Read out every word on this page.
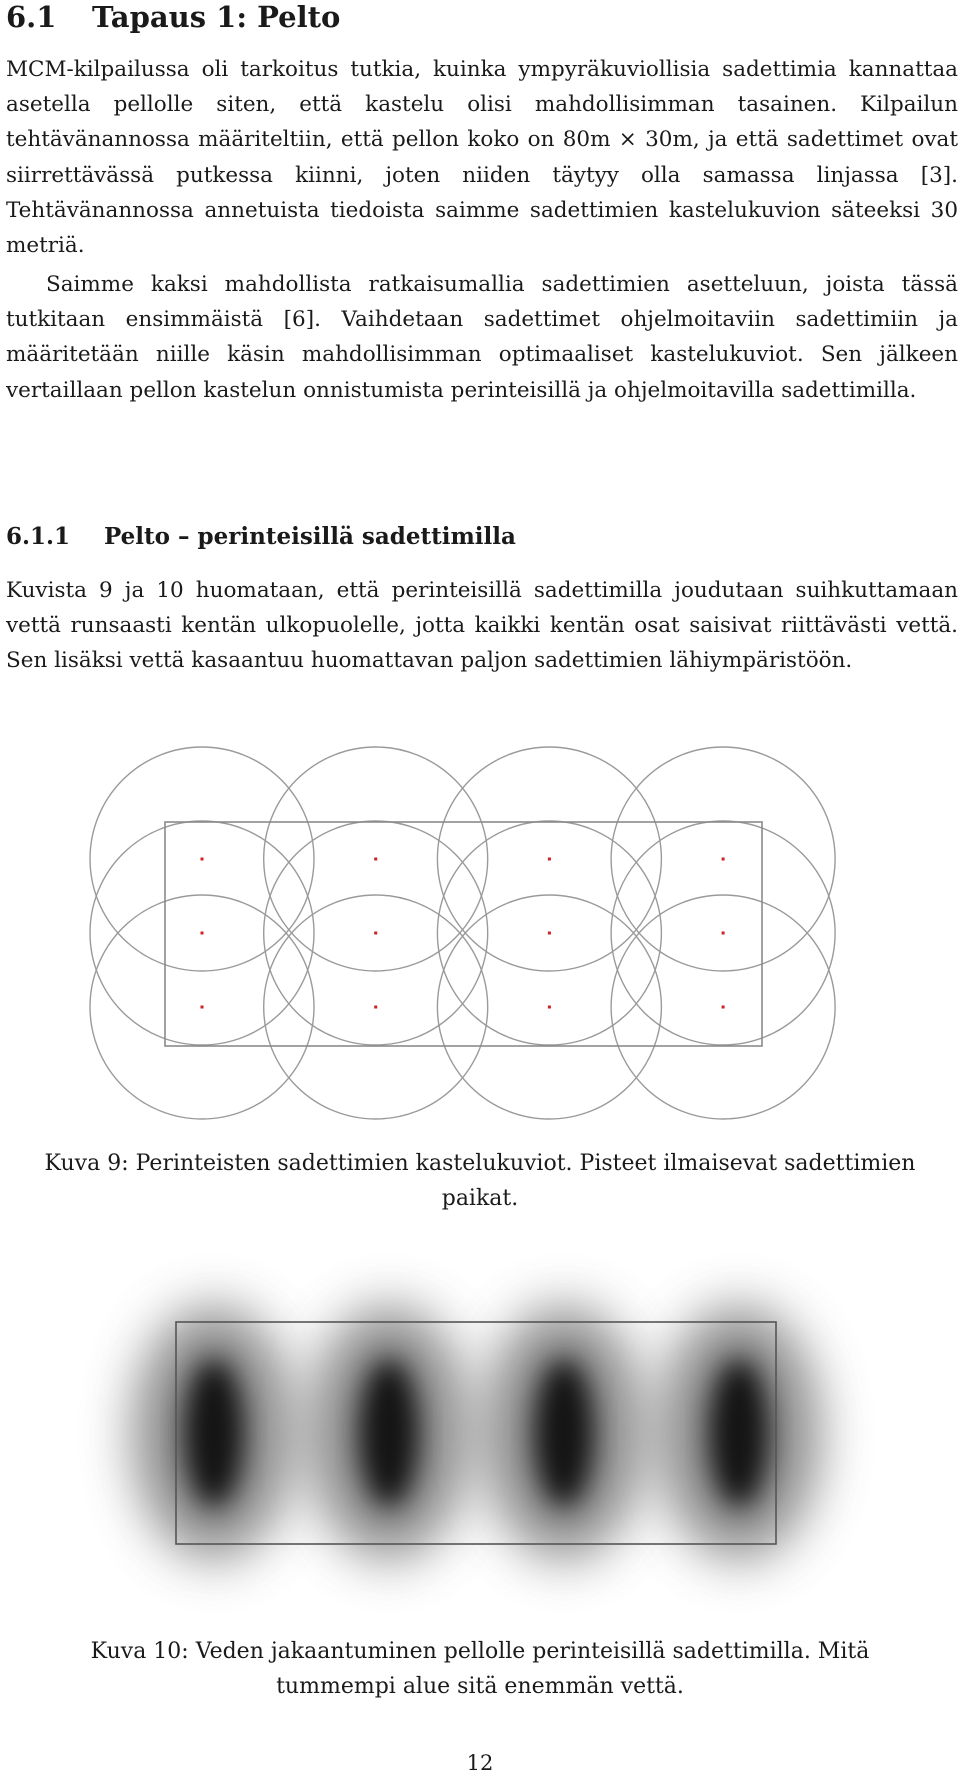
6.1 Tapaus 1: Pelto

MCM-kilpailussa oli tarkoitus tutkia, kuinka ympyräkuviollisia sadettimia kannattaa asetella pellolle siten, että kastelu olisi mahdollisimman tasainen. Kilpailun tehtävänannossa määriteltiin, että pellon koko on 80m × 30m, ja että sadettimet ovat siirrettävässä putkessa kiinni, joten niiden täytyy olla samassa linjassa [3]. Tehtävänannossa annetuista tiedoista saimme sadettimien kastelukuvion säteeksi 30 metriä.

Saimme kaksi mahdollista ratkaisumallia sadettimien asetteluun, joista tässä tutkitaan ensimmäistä [6]. Vaihdetaan sadettimet ohjelmoitaviin sadettimiin ja määritetään niille käsin mahdollisimman optimaaliset kastelukuviot. Sen jälkeen vertaillaan pellon kastelun onnistumista perinteisillä ja ohjelmoitavilla sadettimilla.

6.1.1 Pelto – perinteisillä sadettimilla

Kuvista 9 ja 10 huomataan, että perinteisillä sadettimilla joudutaan suihkuttamaan vettä runsaasti kentän ulkopuolelle, jotta kaikki kentän osat saisivat riittävästi vettä. Sen lisäksi vettä kasaantuu huomattavan paljon sadettimien lähiympäristöön.

Kuva 9: Perinteisten sadettimien kastelukuviot. Pisteet ilmaisevat sadettimien paikat.

Kuva 10: Veden jakaantuminen pellolle perinteisillä sadettimilla. Mitä tummempi alue sitä enemmän vettä.

12
